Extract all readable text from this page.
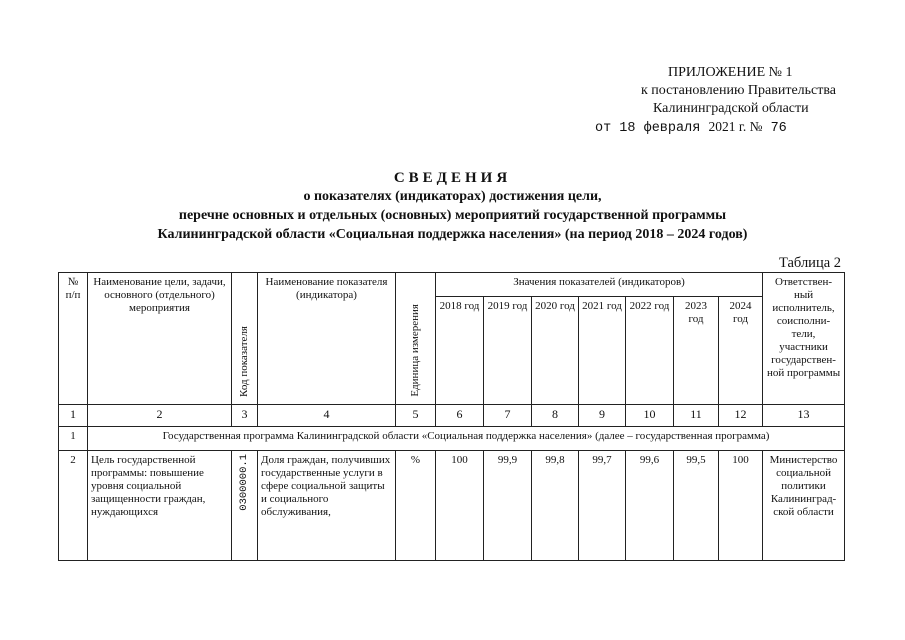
ПРИЛОЖЕНИЕ № 1
к постановлению Правительства
Калининградской области
от 18 февраля 2021 г. № 76
СВЕДЕНИЯ
о показателях (индикаторах) достижения цели,
перечне основных и отдельных (основных) мероприятий государственной программы
Калининградской области «Социальная поддержка населения» (на период 2018 – 2024 годов)
Таблица 2
№ п/п	Наименование цели, задачи, основного (отдельного) мероприятия	Код показателя	Наименование показателя (индикатора)	Единица измерения	Значения показателей (индикаторов)							Ответствен-ный исполнитель, соисполни-тели, участники государствен-ной программы
					2018 год	2019 год	2020 год	2021 год	2022 год	2023 год	2024 год	
1	2	3	4	5	6	7	8	9	10	11	12	13
1	Государственная программа Калининградской области «Социальная поддержка населения» (далее – государственная программа)											
2	Цель государственной программы: повышение уровня социальной защищенности граждан, нуждающихся	0300000.1	Доля граждан, получивших государственные услуги в сфере социальной защиты и социального обслуживания,	%	100	99,9	99,8	99,7	99,6	99,5	100	Министерство социальной политики Калининград-ской области
